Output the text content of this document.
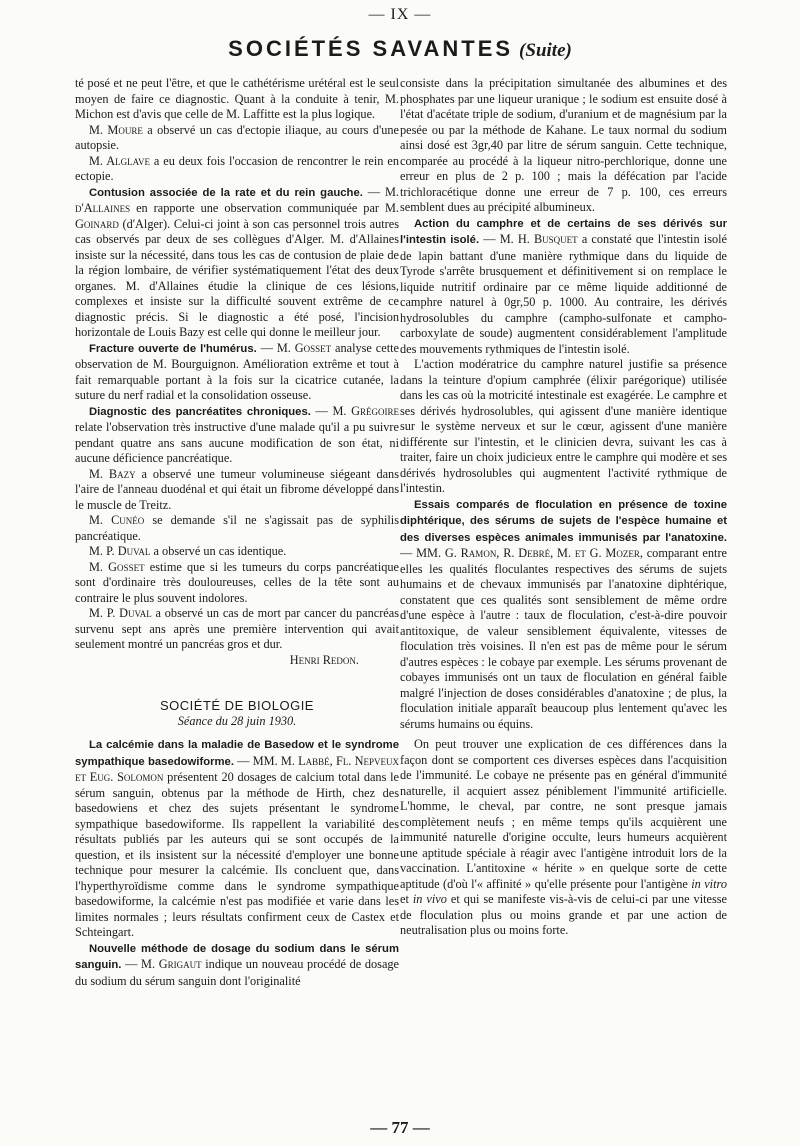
— IX —
SOCIÉTÉS SAVANTES (Suite)

té posé et ne peut l'être, et que le cathétérisme urétéral est le seul moyen de faire ce diagnostic. Quant à la conduite à tenir, M. Michon est d'avis que celle de M. Laffitte est la plus logique.

M. Moure a observé un cas d'ectopie iliaque, au cours d'une autopsie.

M. Alglave a eu deux fois l'occasion de rencontrer le rein en ectopie.

Contusion associée de la rate et du rein gauche. — M. d'Allaines en rapporte une observation communiquée par M. Goinard (d'Alger). Celui-ci joint à son cas personnel trois autres cas observés par deux de ses collègues d'Alger. M. d'Allaines insiste sur la nécessité, dans tous les cas de contusion de plaie de la région lombaire, de vérifier systématiquement l'état des deux organes. M. d'Allaines étudie la clinique de ces lésions, complexes et insiste sur la difficulté souvent extrême de ce diagnostic précis. Si le diagnostic a été posé, l'incision horizontale de Louis Bazy est celle qui donne le meilleur jour.

Fracture ouverte de l'humérus. — M. Gosset analyse cette observation de M. Bourguignon. Amélioration extrême et tout à fait remarquable portant à la fois sur la cicatrice cutanée, la suture du nerf radial et la consolidation osseuse.

Diagnostic des pancréatites chroniques. — M. Grégoire relate l'observation très instructive d'une malade qu'il a pu suivre pendant quatre ans sans aucune modification de son état, ni aucune déficience pancréatique.

M. Bazy a observé une tumeur volumineuse siégeant dans l'aire de l'anneau duodénal et qui était un fibrome développé dans le muscle de Treitz.

M. Cunéo se demande s'il ne s'agissait pas de syphilis pancréatique.

M. P. Duval a observé un cas identique.

M. Gosset estime que si les tumeurs du corps pancréatique sont d'ordinaire très douloureuses, celles de la tête sont au contraire le plus souvent indolores.

M. P. Duval a observé un cas de mort par cancer du pancréas survenu sept ans après une première intervention qui avait seulement montré un pancréas gros et dur.

Henri Redon.

SOCIÉTÉ DE BIOLOGIE

Séance du 28 juin 1930.

La calcémie dans la maladie de Basedow et le syndrome sympathique basedowiforme. — MM. M. Labbé, Fl. Nepveux et Eug. Solomon présentent 20 dosages de calcium total dans le sérum sanguin, obtenus par la méthode de Hirth, chez des basedowiens et chez des sujets présentant le syndrome sympathique basedowiforme. Ils rappellent la variabilité des résultats publiés par les auteurs qui se sont occupés de la question, et ils insistent sur la nécessité d'employer une bonne technique pour mesurer la calcémie. Ils concluent que, dans l'hyperthyroïdisme comme dans le syndrome sympathique basedowiforme, la calcémie n'est pas modifiée et varie dans les limites normales ; leurs résultats confirment ceux de Castex et Schteingart.

Nouvelle méthode de dosage du sodium dans le sérum sanguin. — M. Grigaut indique un nouveau procédé de dosage du sodium du sérum sanguin dont l'originalité

consiste dans la précipitation simultanée des albumines et des phosphates par une liqueur uranique ; le sodium est ensuite dosé à l'état d'acétate triple de sodium, d'uranium et de magnésium par la pesée ou par la méthode de Kahane. Le taux normal du sodium ainsi dosé est 3gr,40 par litre de sérum sanguin. Cette technique, comparée au procédé à la liqueur nitro-perchlorique, donne une erreur en plus de 2 p. 100 ; mais la défécation par l'acide trichloracétique donne une erreur de 7 p. 100, ces erreurs semblent dues au précipité albumineux.

Action du camphre et de certains de ses dérivés sur l'intestin isolé. — M. H. Busquet a constaté que l'intestin isolé de lapin battant d'une manière rythmique dans du liquide de Tyrode s'arrête brusquement et définitivement si on remplace le liquide nutritif ordinaire par ce même liquide additionné de camphre naturel à 0gr,50 p. 1000. Au contraire, les dérivés hydrosolubles du camphre (campho-sulfonate et campho-carboxylate de soude) augmentent considérablement l'amplitude des mouvements rythmiques de l'intestin isolé.

L'action modératrice du camphre naturel justifie sa présence dans la teinture d'opium camphrée (élixir parégorique) utilisée dans les cas où la motricité intestinale est exagérée. Le camphre et ses dérivés hydrosolubles, qui agissent d'une manière identique sur le système nerveux et sur le cœur, agissent d'une manière différente sur l'intestin, et le clinicien devra, suivant les cas à traiter, faire un choix judicieux entre le camphre qui modère et ses dérivés hydrosolubles qui augmentent l'activité rythmique de l'intestin.

Essais comparés de floculation en présence de toxine diphtérique, des sérums de sujets de l'espèce humaine et des diverses espèces animales immunisés par l'anatoxine. — MM. G. Ramon, R. Debré, M. et G. Mozer, comparant entre elles les qualités floculantes respectives des sérums de sujets humains et de chevaux immunisés par l'anatoxine diphtérique, constatent que ces qualités sont sensiblement de même ordre d'une espèce à l'autre : taux de floculation, c'est-à-dire pouvoir antitoxique, de valeur sensiblement équivalente, vitesses de floculation très voisines. Il n'en est pas de même pour le sérum d'autres espèces : le cobaye par exemple. Les sérums provenant de cobayes immunisés ont un taux de floculation en général faible malgré l'injection de doses considérables d'anatoxine ; de plus, la floculation initiale apparaît beaucoup plus lentement qu'avec les sérums humains ou équins.

On peut trouver une explication de ces différences dans la façon dont se comportent ces diverses espèces dans l'acquisition de l'immunité. Le cobaye ne présente pas en général d'immunité naturelle, il acquiert assez péniblement l'immunité artificielle. L'homme, le cheval, par contre, ne sont presque jamais complètement neufs ; en même temps qu'ils acquièrent une immunité naturelle d'origine occulte, leurs humeurs acquièrent une aptitude spéciale à réagir avec l'antigène introduit lors de la vaccination. L'antitoxine « hérite » en quelque sorte de cette aptitude (d'où l'« affinité » qu'elle présente pour l'antigène in vitro et in vivo et qui se manifeste vis-à-vis de celui-ci par une vitesse de floculation plus ou moins grande et par une action de neutralisation plus ou moins forte.

— 77 —
